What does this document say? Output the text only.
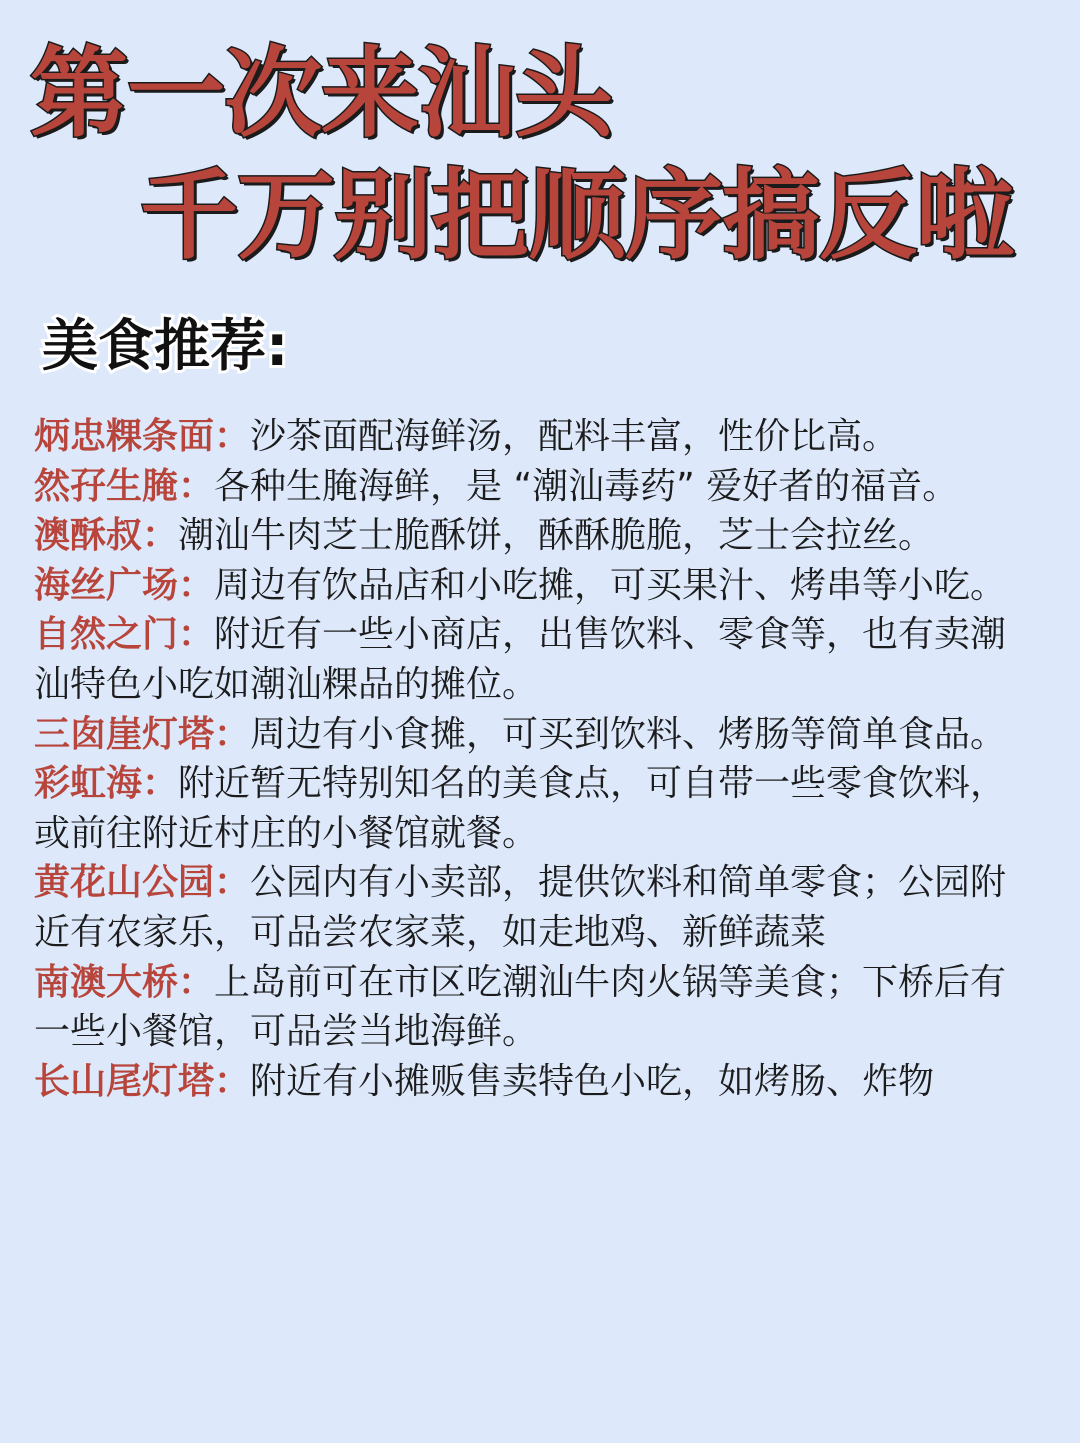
第一次来汕头
千万别把顺序搞反啦
美食推荐:
炳忠粿条面：沙茶面配海鲜汤，配料丰富，性价比高。
然孖生腌：各种生腌海鲜，是 “潮汕毒药” 爱好者的福音。
澳酥叔：潮汕牛肉芝士脆酥饼，酥酥脆脆，芝士会拉丝。
海丝广场：周边有饮品店和小吃摊，可买果汁、烤串等小吃。
自然之门：附近有一些小商店，出售饮料、零食等，也有卖潮汕特色小吃如潮汕粿品的摊位。
三囱崖灯塔：周边有小食摊，可买到饮料、烤肠等简单食品。
彩虹海：附近暂无特别知名的美食点，可自带一些零食饮料，或前往附近村庄的小餐馆就餐。
黄花山公园：公园内有小卖部，提供饮料和简单零食；公园附近有农家乐，可品尝农家菜，如走地鸡、新鲜蔬菜
南澳大桥：上岛前可在市区吃潮汕牛肉火锅等美食；下桥后有一些小餐馆，可品尝当地海鲜。
长山尾灯塔：附近有小摊贩售卖特色小吃，如烤肠、炸物
